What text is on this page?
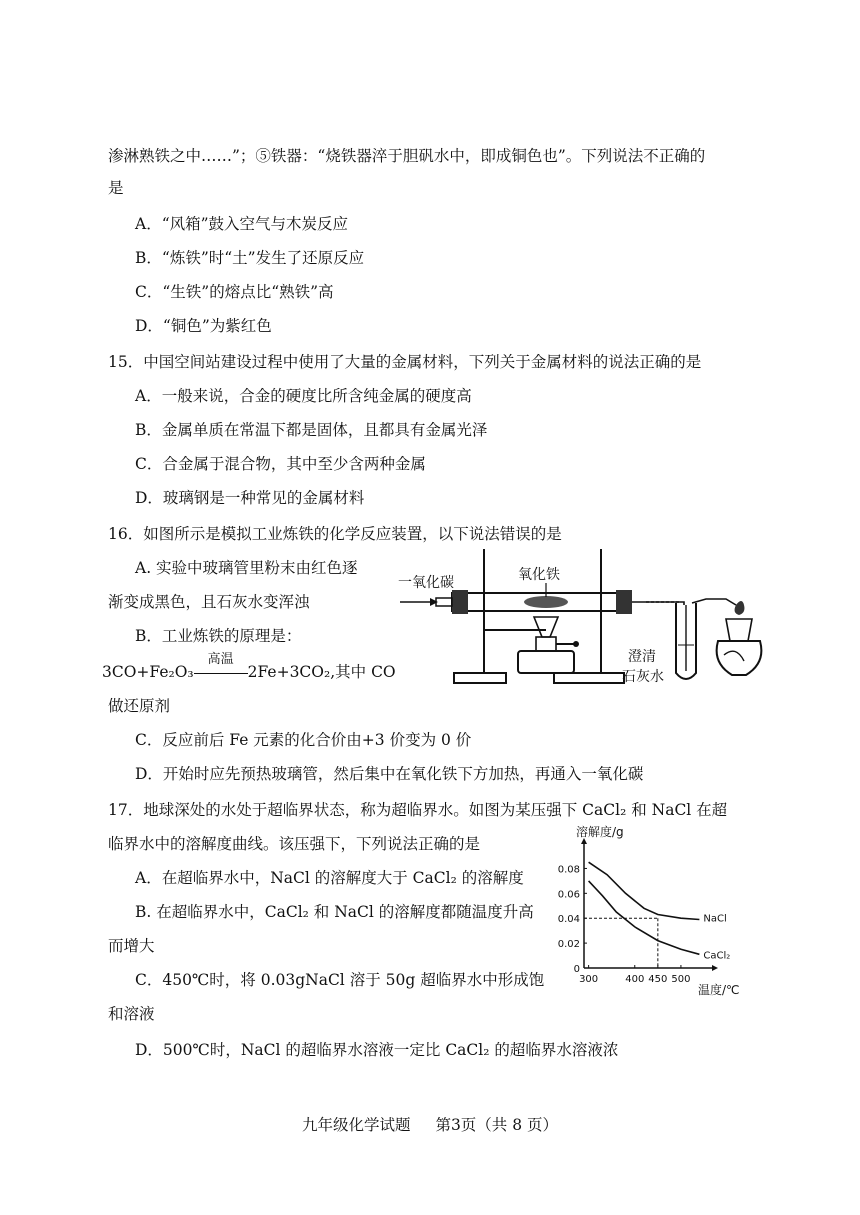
渗淋熟铁之中……”；⑤铁器：“烧铁器淬于胆矾水中，即成铜色也”。下列说法不正确的
是
A．“风箱”鼓入空气与木炭反应
B．“炼铁”时“土”发生了还原反应
C．“生铁”的熔点比“熟铁”高
D．“铜色”为紫红色
15．中国空间站建设过程中使用了大量的金属材料，下列关于金属材料的说法正确的是
A．一般来说，合金的硬度比所含纯金属的硬度高
B．金属单质在常温下都是固体，且都具有金属光泽
C．合金属于混合物，其中至少含两种金属
D．玻璃钢是一种常见的金属材料
16．如图所示是模拟工业炼铁的化学反应装置，以下说法错误的是
A. 实验中玻璃管里粉末由红色逐
渐变成黑色，且石灰水变浑浊
B．工业炼铁的原理是：
3CO+Fe₂O₃
高温
2Fe+3CO₂,其中 CO
做还原剂
C．反应前后 Fe 元素的化合价由+3 价变为 0 价
D．开始时应先预热玻璃管，然后集中在氧化铁下方加热，再通入一氧化碳
一氧化碳	氧化铁
澄清
石灰水
17．地球深处的水处于超临界状态，称为超临界水。如图为某压强下 CaCl₂ 和 NaCl 在超
临界水中的溶解度曲线。该压强下，下列说法正确的是
A．在超临界水中，NaCl 的溶解度大于 CaCl₂ 的溶解度
B. 在超临界水中，CaCl₂ 和 NaCl 的溶解度都随温度升高
而增大
C．450℃时，将 0.03gNaCl 溶于 50g 超临界水中形成饱
和溶液
D．500℃时，NaCl 的超临界水溶液一定比 CaCl₂ 的超临界水溶液浓
溶解度/g
温度/℃
0
0.02
0.04
0.06
0.08
300	400 450 500
NaCl
CaCl₂
九年级化学试题 第3页（共 8 页）
